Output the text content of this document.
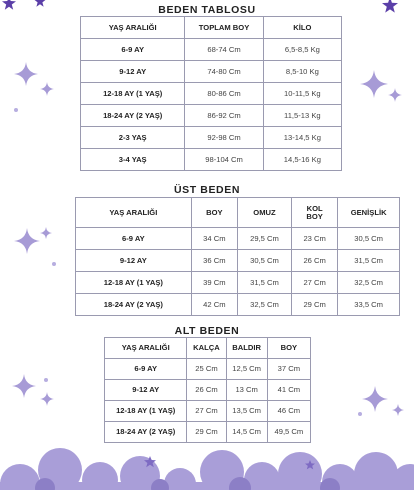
BEDEN TABLOSU
YAŞ ARALIĞI	TOPLAM BOY	KİLO
6-9 AY	68-74 Cm	6,5-8,5 Kg
9-12 AY	74-80 Cm	8,5-10 Kg
12-18 AY (1 YAŞ)	80-86 Cm	10-11,5 Kg
18-24 AY (2 YAŞ)	86-92 Cm	11,5-13 Kg
2-3 YAŞ	92-98 Cm	13-14,5 Kg
3-4 YAŞ	98-104 Cm	14,5-16 Kg
ÜST BEDEN
YAŞ ARALIĞI	BOY	OMUZ	KOL BOY	GENİŞLİK
6-9 AY	34 Cm	29,5 Cm	23 Cm	30,5 Cm
9-12 AY	36 Cm	30,5 Cm	26 Cm	31,5 Cm
12-18 AY (1 YAŞ)	39 Cm	31,5 Cm	27 Cm	32,5 Cm
18-24 AY (2 YAŞ)	42 Cm	32,5 Cm	29 Cm	33,5 Cm
ALT BEDEN
YAŞ ARALIĞI	KALÇA	BALDIR	BOY
6-9 AY	25 Cm	12,5 Cm	37 Cm
9-12 AY	26 Cm	13 Cm	41 Cm
12-18 AY (1 YAŞ)	27 Cm	13,5 Cm	46 Cm
18-24 AY (2 YAŞ)	29 Cm	14,5 Cm	49,5 Cm
